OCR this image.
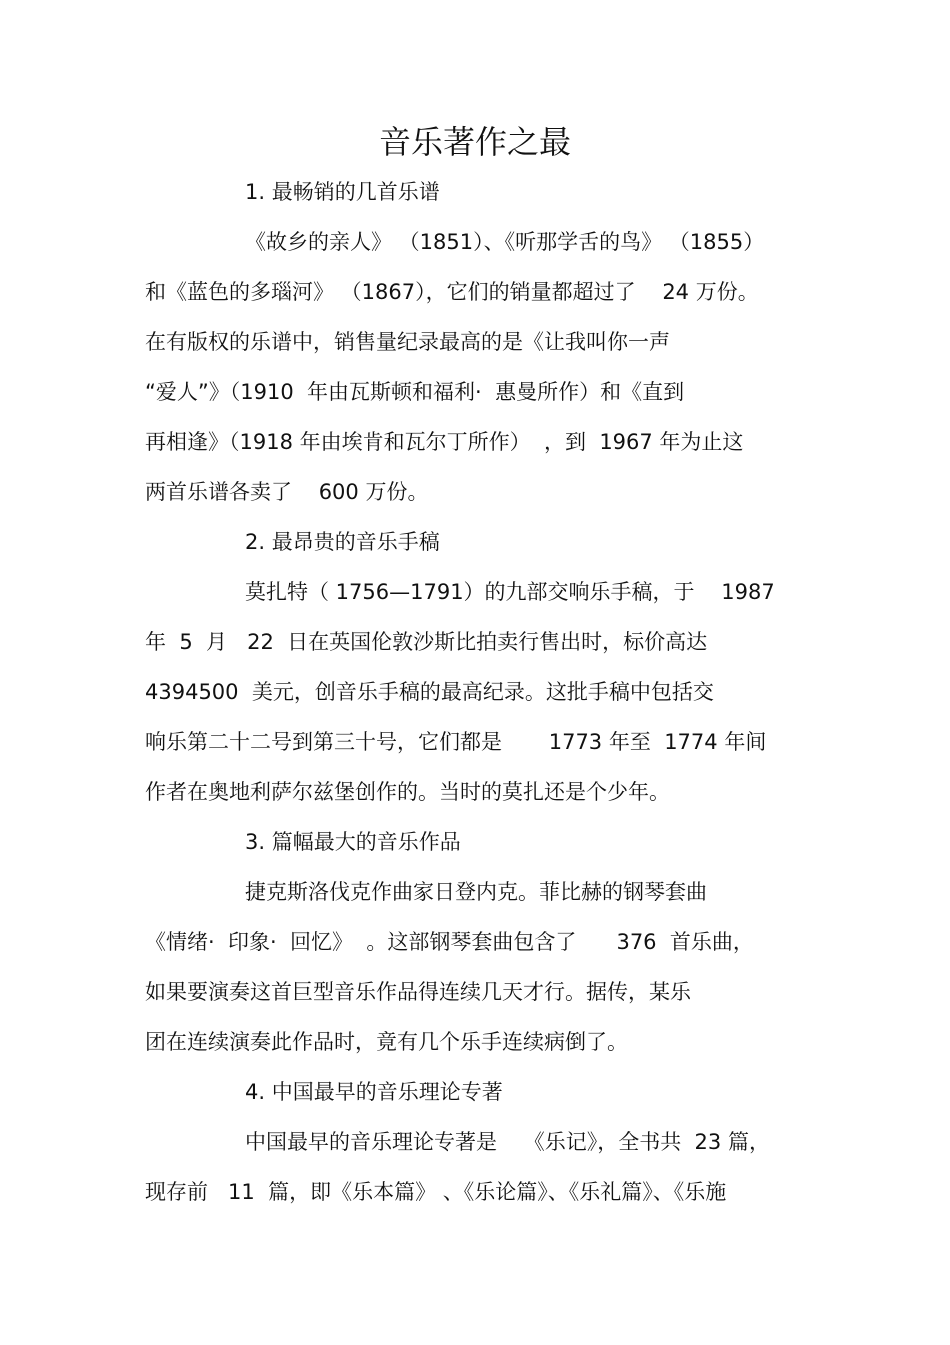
音乐著作之最

1. 最畅销的几首乐谱

《故乡的亲人》 （1851）、《听那学舌的鸟》 （1855）

和《蓝色的多瑙河》 （1867），它们的销量都超过了    24 万份。

在有版权的乐谱中，销售量纪录最高的是《让我叫你一声

“爱人”》（1910  年由瓦斯顿和福利·  惠曼所作）和《直到

再相逢》（1918 年由埃肯和瓦尔丁所作）  ，到  1967 年为止这

两首乐谱各卖了    600 万份。

2. 最昂贵的音乐手稿

莫扎特（ 1756—1791）的九部交响乐手稿，于    1987

年  5  月   22  日在英国伦敦沙斯比拍卖行售出时，标价高达

4394500  美元，创音乐手稿的最高纪录。这批手稿中包括交

响乐第二十二号到第三十号，它们都是       1773 年至  1774 年间

作者在奥地利萨尔兹堡创作的。当时的莫扎还是个少年。

3. 篇幅最大的音乐作品

捷克斯洛伐克作曲家日登内克。菲比赫的钢琴套曲

《情绪·  印象·  回忆》  。这部钢琴套曲包含了      376  首乐曲，

如果要演奏这首巨型音乐作品得连续几天才行。据传，某乐

团在连续演奏此作品时，竟有几个乐手连续病倒了。

4. 中国最早的音乐理论专著

中国最早的音乐理论专著是    《乐记》，全书共  23 篇，

现存前   11  篇，即《乐本篇》 、《乐论篇》、《乐礼篇》、《乐施
